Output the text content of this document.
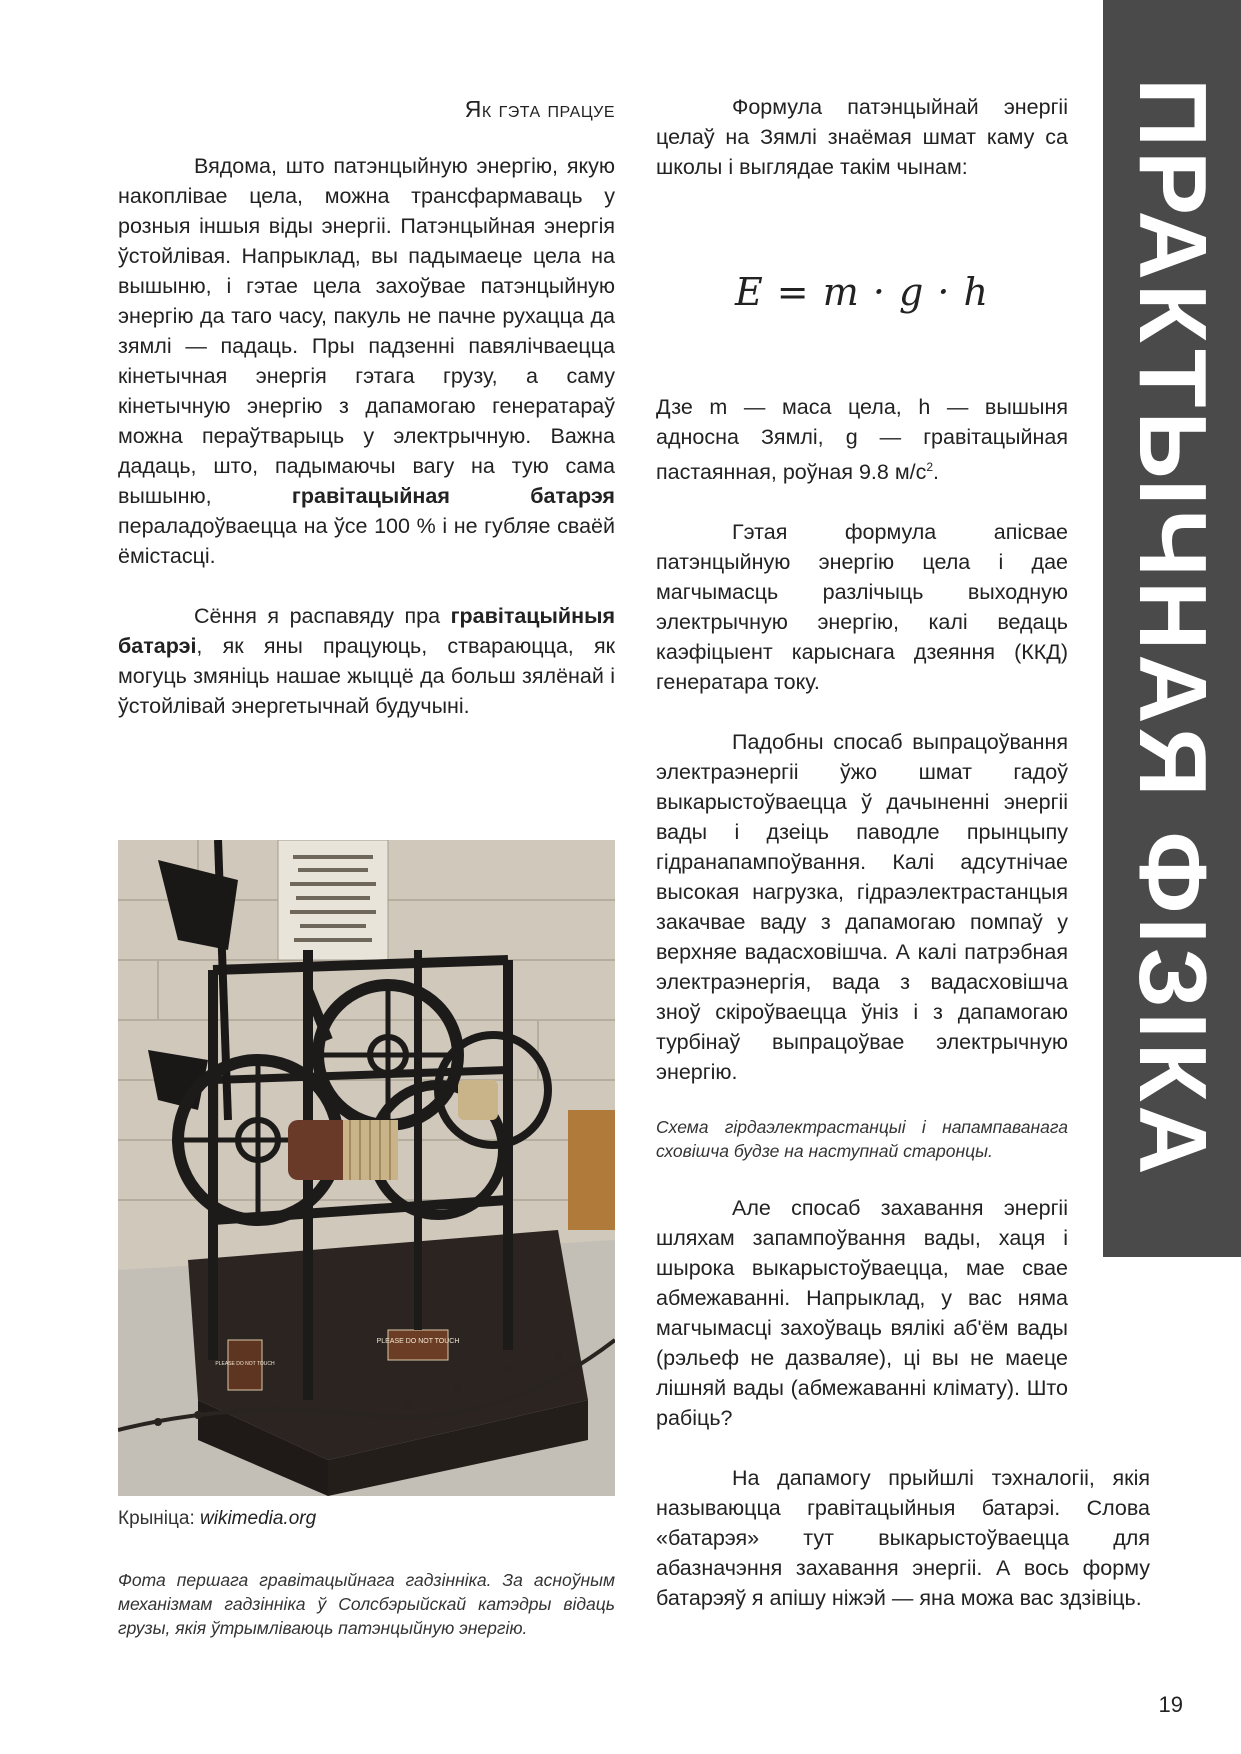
ПРАКТЫЧНАЯ ФІЗІКА
Як гэта працуе

Вядома, што патэнцыйную энергію, якую накоплівае цела, можна трансфармаваць у розныя іншыя віды энергіі. Патэнцыйная энергія ўстойлівая. Напрыклад, вы падымаеце цела на вышыню, і гэтае цела захоўвае патэнцыйную энергію да таго часу, пакуль не пачне рухацца да зямлі — падаць. Пры падзенні павялічваецца кінетычная энергія гэтага грузу, а саму кінетычную энергію з дапамогаю генератараў можна пераўтварыць у электрычную. Важна дадаць, што, падымаючы вагу на тую сама вышыню, гравітацыйная батарэя пераладоўваецца на ўсе 100 % і не губляе сваёй ёмістасці.

Сёння я распавяду пра гравітацыйныя батарэі, як яны працуюць, ствараюцца, як могуць змяніць нашае жыццё да больш зялёнай і ўстойлівай энергетычнай будучыні.

PLEASE DO NOT TOUCH
PLEASE DO NOT TOUCH
Крыніца: wikimedia.org

Фота першага гравітацыйнага гадзінніка. За асноўным механізмам гадзінніка ў Солсбэрыйскай катэдры відаць грузы, якія ўтрымліваюць патэнцыйную энергію.

Формула патэнцыйнай энергіі целаў на Зямлі знаёмая шмат каму са школы і выглядае такім чынам:

E = m · g · h

Дзе m — маса цела, h — вышыня адносна Зямлі, g — гравітацыйная пастаянная, роўная 9.8 $м/с^2$.

Гэтая формула апісвае патэнцыйную энергію цела і дае магчымасць разлічыць выходную электрычную энергію, калі ведаць каэфіцыент карыснага дзеяння (ККД) генератара току.

Падобны спосаб выпрацоўвання электраэнергіі ўжо шмат гадоў выкарыстоўваецца ў дачыненні энергіі вады і дзеіць паводле прынцыпу гідранапампоўвання. Калі адсутнічае высокая нагрузка, гідраэлектрастанцыя закачвае ваду з дапамогаю помпаў у верхняе вадасховішча. А калі патрэбная электраэнергія, вада з вадасховішча зноў скіроўваецца ўніз і з дапамогаю турбінаў выпрацоўвае электрычную энергію.

Схема гірдаэлектрастанцыі і напампаванага сховішча будзе на наступнай старонцы.

Але спосаб захавання энергіі шляхам запампоўвання вады, хаця і шырока выкарыстоўваецца, мае свае абмежаванні. Напрыклад, у вас няма магчымасці захоўваць вялікі аб'ём вады (рэльеф не дазваляе), ці вы не маеце лішняй вады (абмежаванні клімату). Што рабіць?

На дапамогу прыйшлі тэхналогіі, якія называюцца гравітацыйныя батарэі. Слова «батарэя» тут выкарыстоўваецца для абазначэння захавання энергіі. А вось форму батарэяў я апішу ніжэй — яна можа вас здзівіць.

19
